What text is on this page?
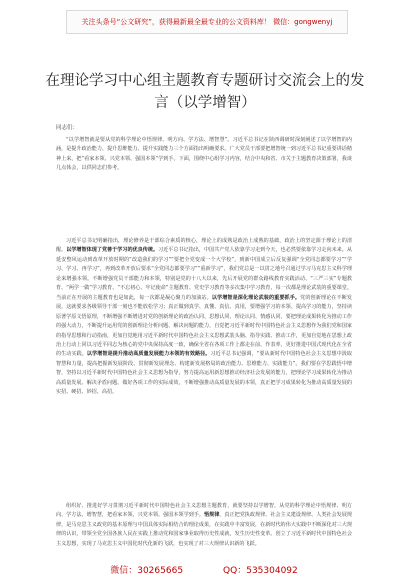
关注头条号“公文研究”，获得最新最全最专业的公文资料库！ 微信：gongwenyj
在理论学习中心组主题教育专题研讨交流会上的发言（以学增智）
同志们：

“以学增智就是要从党的科学理论中悟规律、明方向、学方法、增智慧”。习近平总书记在陕西调研时深刻阐述了以学增智的内涵，是提升政治能力、提升思维能力、提升实践能力三个方面指出明确要求。广大党员干部要把增智统一到习近平总书记重要讲话精神上来，把“看家本领、兴党本领、强国本领”学到手。下面，围绕中心组学习内容，结合中央和省、市关于主题教育决策部署，我谈几点体会，以供同志们参考。

习近平总书记明确指出，理论修养是干部综合素质的核心，理论上的成熟是政治上成熟的基础，政治上的坚定源于理论上的清醒。以学增智体现了党善于学习的优良传统。习近平总书记指出，中国共产党人依靠学习走到今天，也必然要依靠学习走向未来。从延安整风运动到改革开放时期的“改造我们的学习”“要把全党变成一个大学校”，到新中国成立后反复强调“全党同志都要学习”“学习、学习、再学习”，再到改革开放后要求“全党同志都要学习”“重新学习”，我们党总是一以贯之地号召通过学习马克思主义科学理论来增强本领。不断增强党员干部能力和本领，特别是党的十八大以来，先后开展党的群众路线教育实践活动、“三严三实”专题教育、“两学一做”学习教育、“不忘初心、牢记使命”主题教育、党史学习教育等多次集中学习教育，每一次都是理论武装的重要课堂。当前正在开展的主题教育也是如此，每一次都是凝心聚力的加油站。以学增智是深化理论武装的重要抓手。党的创新理论在不断发展，这就要求各级领导干部一刻也不能放松学习；真正做到真学、真懂、真信、真用，要增强学习的本领、提高学习的能力，坚持读原著学原文悟原理，不断增强不断增进对党的创新理论的政治认同、思想认同、理论认同、情感认同，要把理论成果转化为推动工作的强大动力，不断提升运用党的创新理论分析问题、解决问题的能力，自觉把习近平新时代中国特色社会主义思想作为我们党和国家的指导思想和行动指南，更加自觉地用习近平新时代中国特色社会主义思想武装头脑、指导实践、推动工作，更加自觉地在思想上政治上行动上同以习近平同志为核心的党中央保持高度一致，确保全省在各项工作上都走在前、作表率，更好推进中国式现代化在全省的生动实践。以学增智是提升推动高质量发展能力本领的有效路径。习近平总书记强调，“要从新时代中国特色社会主义思想中汲取智慧和力量，提高把握新发展阶段、贯彻新发展理念、构建新发展格局的政治能力、思维能力、实践能力”。我们要在学思践悟中增智，坚持以习近平新时代中国特色社会主义思想为指导，努力提高运用新思想推动经济社会发展的能力，把理论学习成果转化为推动高质量发展、解决矛盾问题、做好各项工作的实际成效，不断增强推动高质量发展的本领，真正把学习成果转化为推动高质量发展的实招、硬招、妙招、高招。

组织好、推进好学习贯彻习近平新时代中国特色社会主义思想主题教育，就要坚持以学增智，从党的科学理论中悟规律、明方向、学方法、增智慧，把看家本领、兴党本领、强国本领学到手。悟规律，真正把党执政规律、社会主义建设规律、人类社会发展规律，是马克思主义政党的基本原理与中国具体实际相结合的理论成果，在实践中丰富发展，在新时代的伟大实践中不断深化对三大规律的认识，带领全党全国各族人民在实践上推动党和国家事业取得历史性成就，发生历史性变革。创立了习近平新时代中国特色社会主义思想，实现了马克思主义中国化时代化新的飞跃，也实现了对三大规律认识新的飞跃。

微信：30265665	QQ：535304092
